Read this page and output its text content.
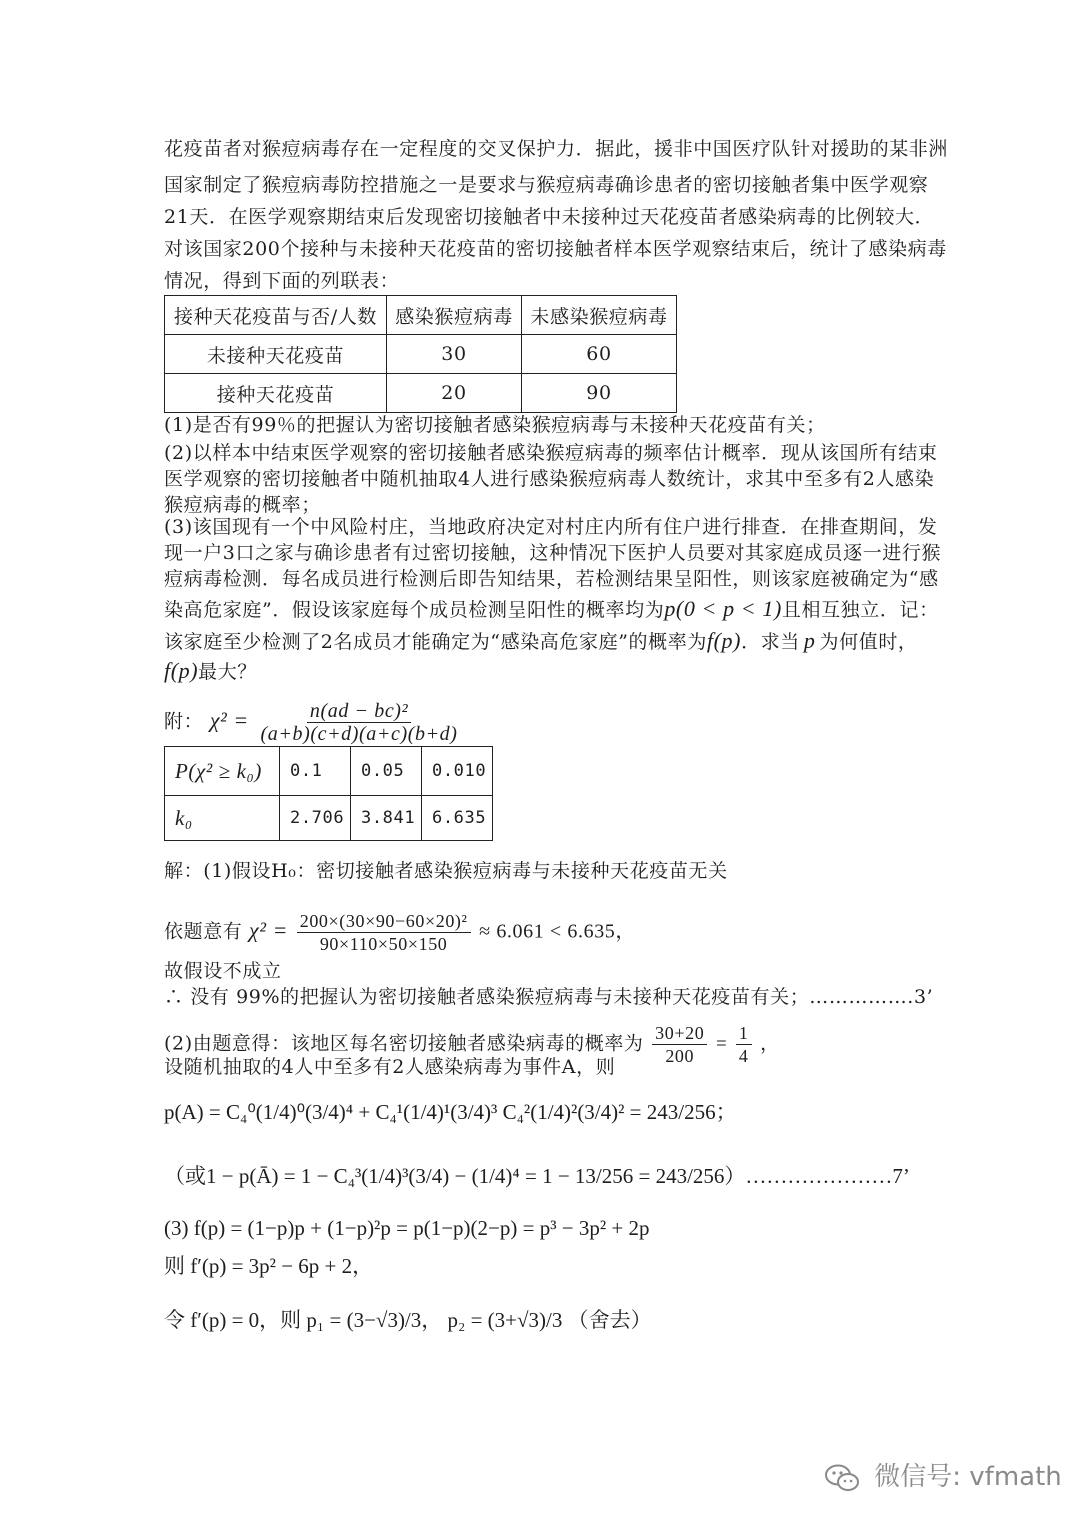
花疫苗者对猴痘病毒存在一定程度的交叉保护力．据此，援非中国医疗队针对援助的某非洲
国家制定了猴痘病毒防控措施之一是要求与猴痘病毒确诊患者的密切接触者集中医学观察
21天．在医学观察期结束后发现密切接触者中未接种过天花疫苗者感染病毒的比例较大．
对该国家200个接种与未接种天花疫苗的密切接触者样本医学观察结束后，统计了感染病毒
情况，得到下面的列联表：
接种天花疫苗与否/人数	感染猴痘病毒	未感染猴痘病毒
未接种天花疫苗	30	60
接种天花疫苗	20	90
(1)是否有99％的把握认为密切接触者感染猴痘病毒与未接种天花疫苗有关；
(2)以样本中结束医学观察的密切接触者感染猴痘病毒的频率估计概率．现从该国所有结束
医学观察的密切接触者中随机抽取4人进行感染猴痘病毒人数统计，求其中至多有2人感染
猴痘病毒的概率；
(3)该国现有一个中风险村庄，当地政府决定对村庄内所有住户进行排查．在排查期间，发
现一户3口之家与确诊患者有过密切接触，这种情况下医护人员要对其家庭成员逐一进行猴
痘病毒检测．每名成员进行检测后即告知结果，若检测结果呈阳性，则该家庭被确定为“感
染高危家庭”．假设该家庭每个成员检测呈阳性的概率均为p(0 < p < 1)且相互独立．记：
该家庭至少检测了2名成员才能确定为“感染高危家庭”的概率为f(p)．求当 p 为何值时，
f(p)最大？
附： $\chi^2 = \frac{\text{n(ad − bc)²}}{(a+b)(c+d)(a+c)(b+d)}$
P(χ² ≥ k₀)	0.1	0.05	0.010
k₀	2.706	3.841	6.635
解：(1)假设H₀：密切接触者感染猴痘病毒与未接种天花疫苗无关
依题意有 $\chi^2 = \frac{\text{200×(30×90−60×20)²}}{90\times 110\times 50\times 150} \approx 6.061 < 6.635$，
故假设不成立
∴ 没有 99%的把握认为密切接触者感染猴痘病毒与未接种天花疫苗有关；…………….3’
(2)由题意得：该地区每名密切接触者感染病毒的概率为 $\frac{30+20}{200} = \frac{1}{4}$ ，
设随机抽取的4人中至多有2人感染病毒为事件A，则
p(A) = C₄⁰(1/4)⁰(3/4)⁴ + C₄¹(1/4)¹(3/4)³ C₄²(1/4)²(3/4)² = 243/256；
（或1 − p(Ā) = 1 − C₄³(1/4)³(3/4) − (1/4)⁴ = 1 − 13/256 = 243/256）…………………7’
(3) f(p) = (1−p)p + (1−p)²p = p(1−p)(2−p) = p³ − 3p² + 2p
则 f′(p) = 3p² − 6p + 2，
令 f′(p) = 0，则 p₁ = (3−√3)/3， p₂ = (3+√3)/3 （舍去）
微信号: vfmath
